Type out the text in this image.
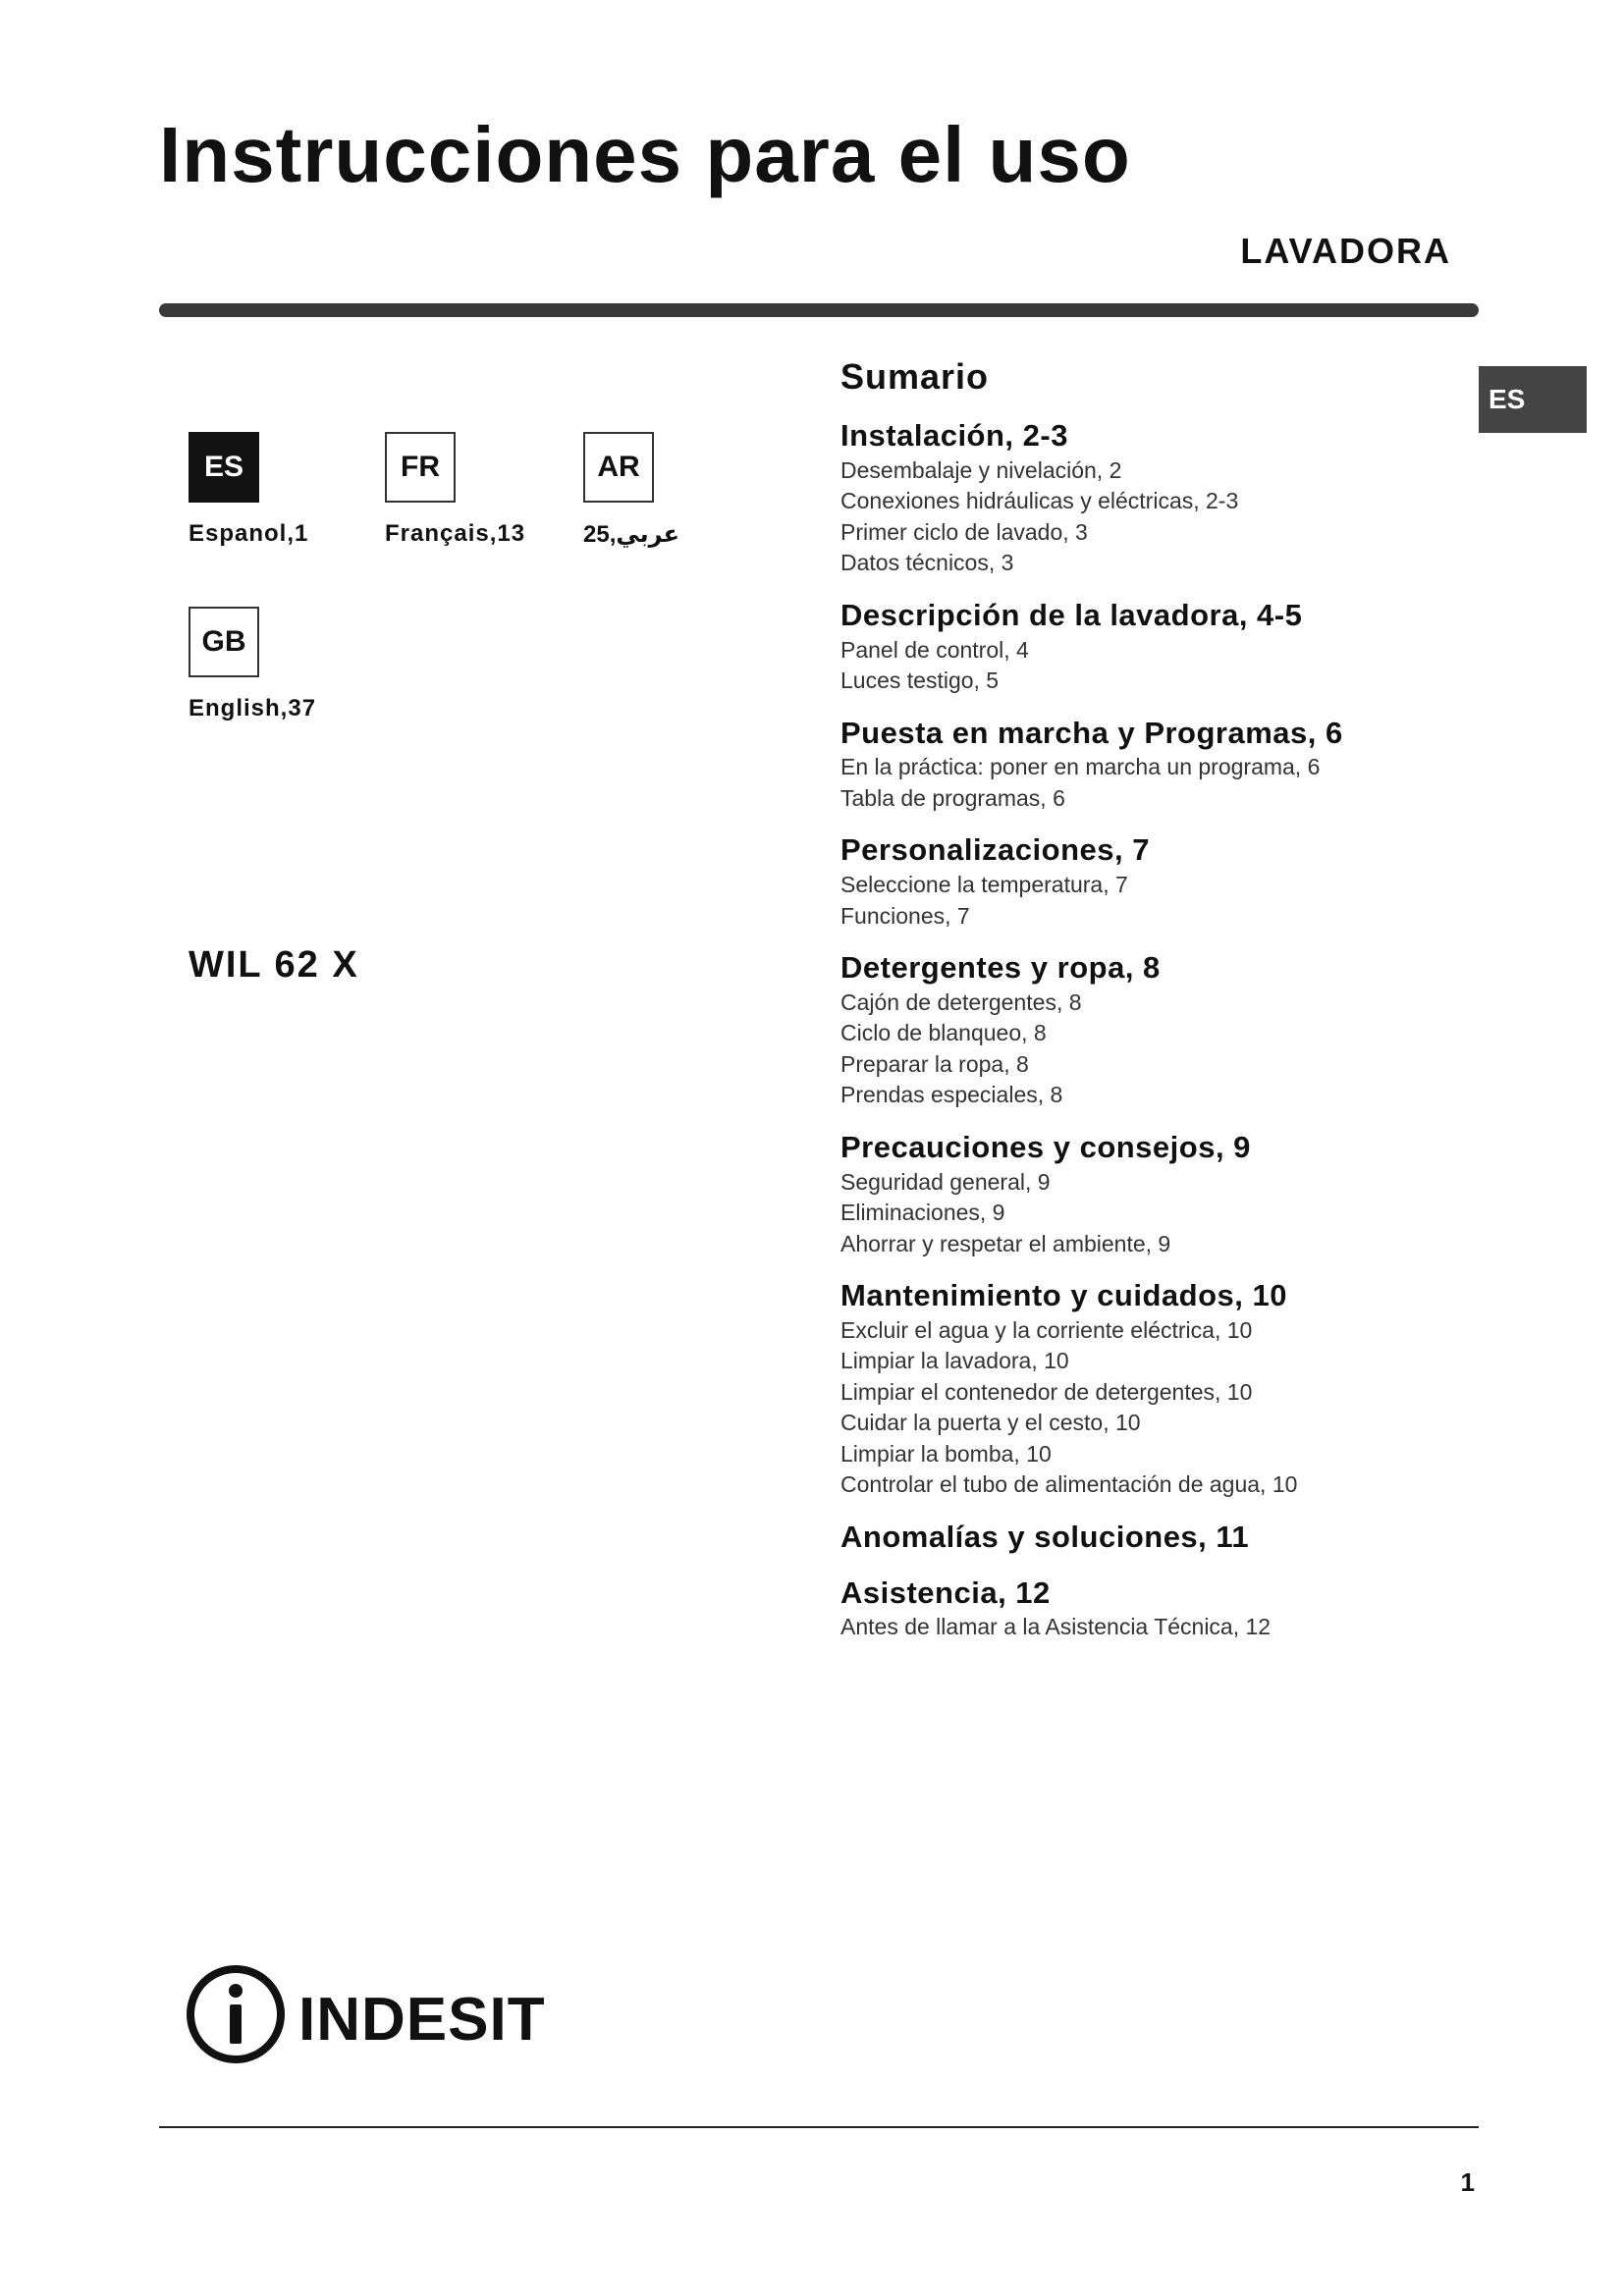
Instrucciones para el uso
LAVADORA
ES
ES
Espanol,1
FR
Français,13
AR
عربي,25
GB
English,37
WIL 62 X
Sumario
Instalación, 2-3
Desembalaje y nivelación, 2
Conexiones hidráulicas y eléctricas, 2-3
Primer ciclo de lavado, 3
Datos técnicos, 3
Descripción de la lavadora, 4-5
Panel de control, 4
Luces testigo, 5
Puesta en marcha y Programas, 6
En la práctica: poner en marcha un programa, 6
Tabla de programas, 6
Personalizaciones, 7
Seleccione la temperatura, 7
Funciones, 7
Detergentes y ropa, 8
Cajón de detergentes, 8
Ciclo de blanqueo, 8
Preparar la ropa, 8
Prendas especiales, 8
Precauciones y consejos, 9
Seguridad general, 9
Eliminaciones, 9
Ahorrar y respetar el ambiente, 9
Mantenimiento y cuidados, 10
Excluir el agua y la corriente eléctrica, 10
Limpiar la lavadora, 10
Limpiar el contenedor de detergentes, 10
Cuidar la puerta y el cesto, 10
Limpiar la bomba, 10
Controlar el tubo de alimentación de agua, 10
Anomalías y soluciones, 11
Asistencia, 12
Antes de llamar a la Asistencia Técnica, 12
INDESIT
1
